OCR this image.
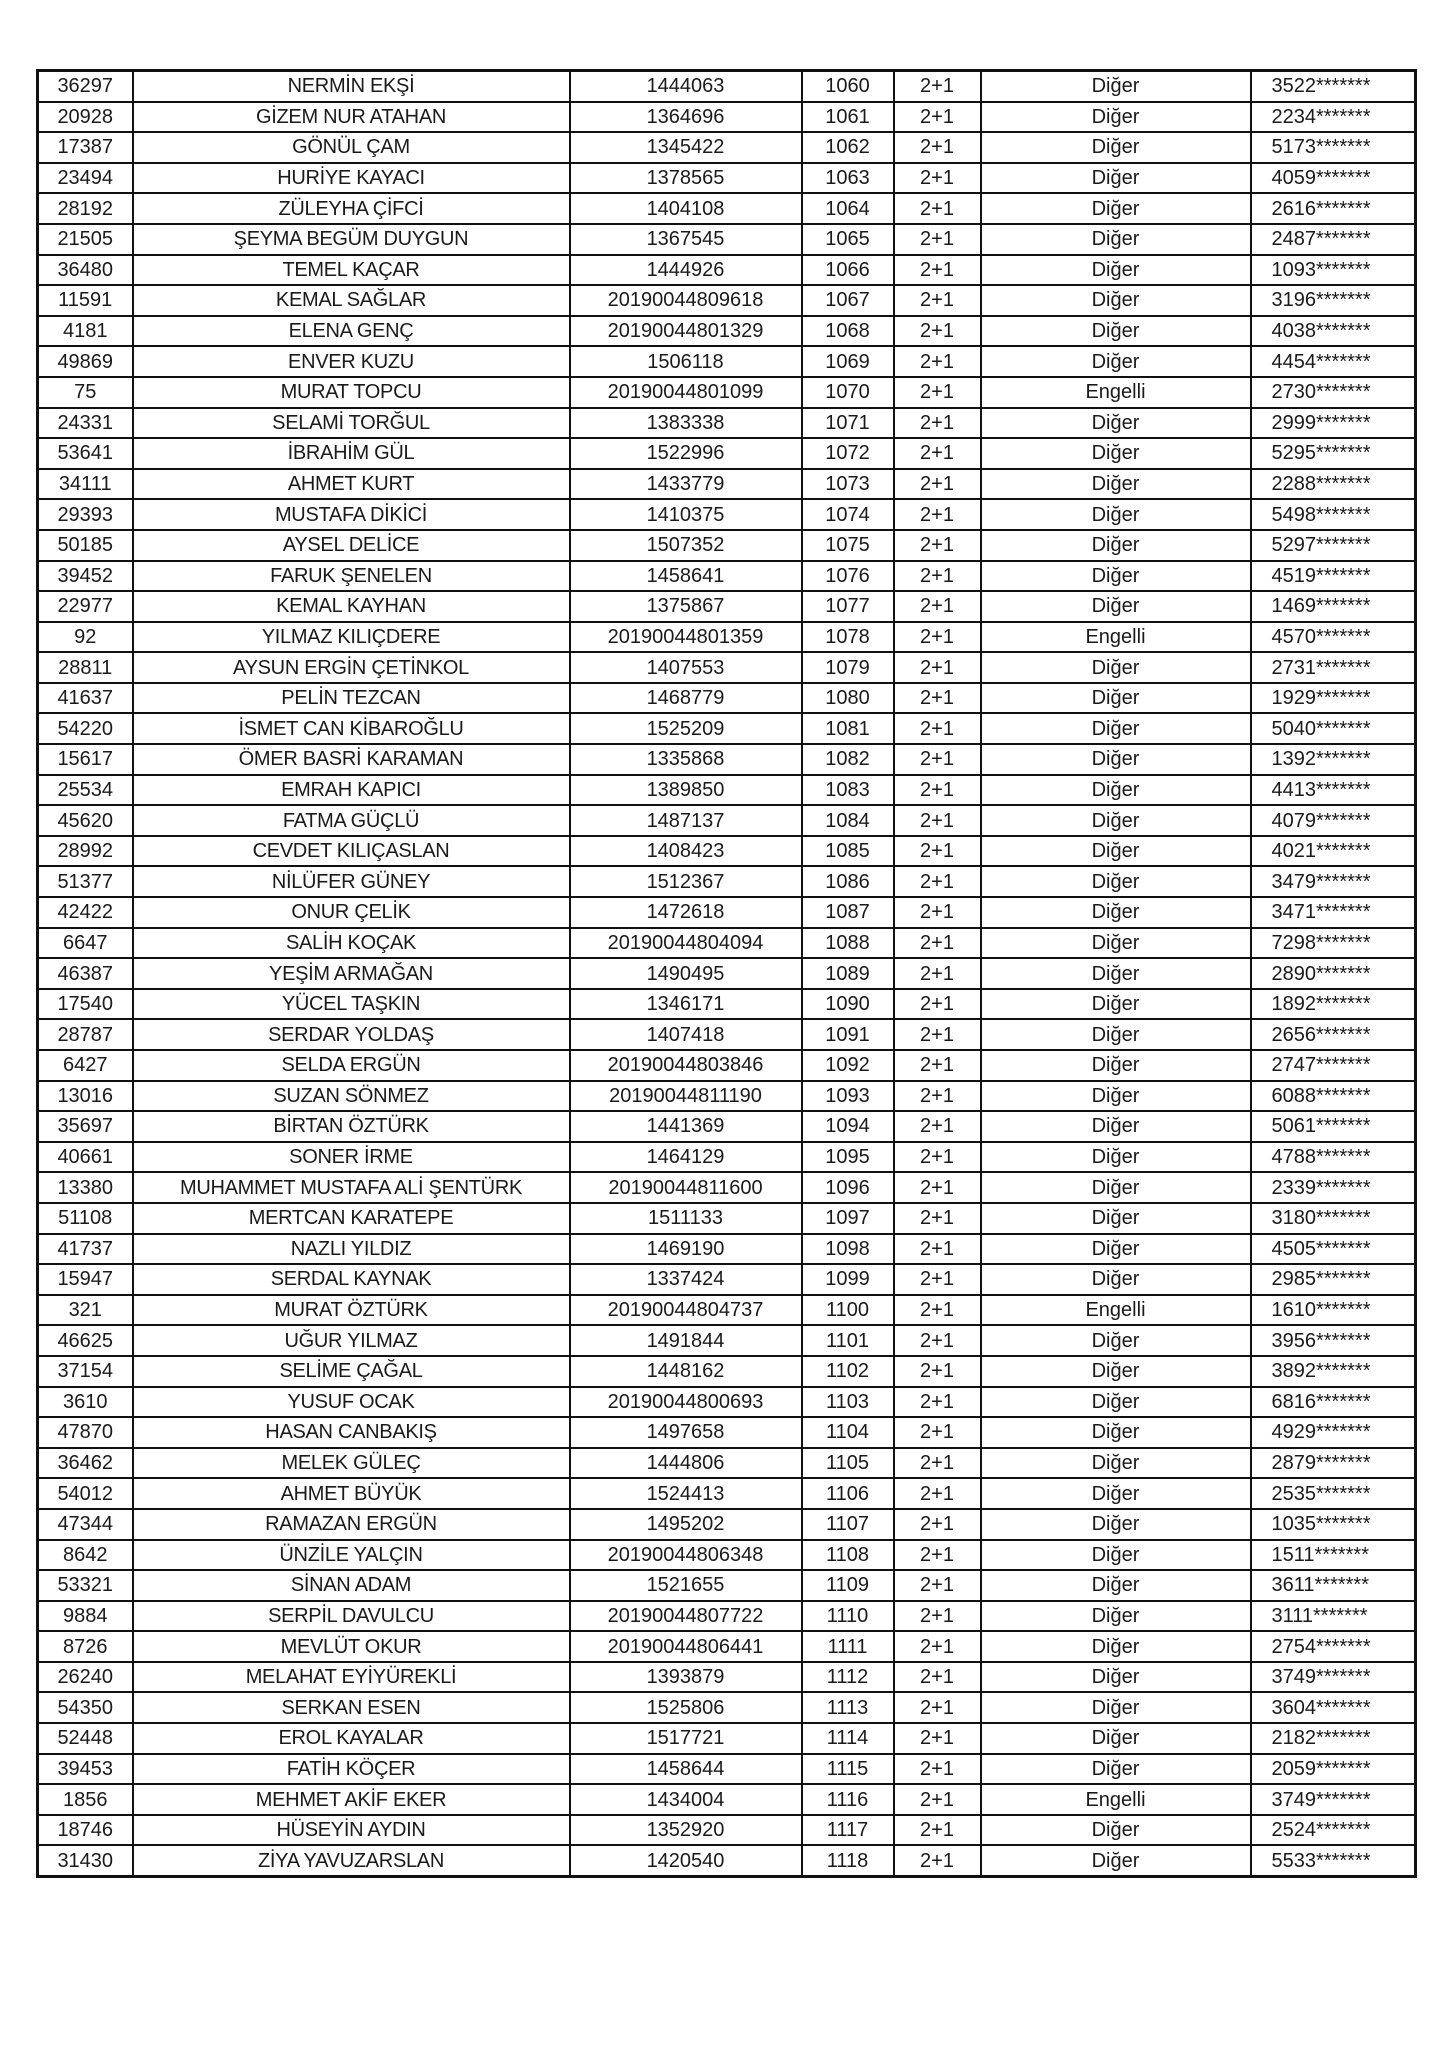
36297	NERMİN EKŞİ	1444063	1060	2+1	Diğer	3522*******
20928	GİZEM NUR ATAHAN	1364696	1061	2+1	Diğer	2234*******
17387	GÖNÜL ÇAM	1345422	1062	2+1	Diğer	5173*******
23494	HURİYE KAYACI	1378565	1063	2+1	Diğer	4059*******
28192	ZÜLEYHA ÇİFCİ	1404108	1064	2+1	Diğer	2616*******
21505	ŞEYMA BEGÜM DUYGUN	1367545	1065	2+1	Diğer	2487*******
36480	TEMEL KAÇAR	1444926	1066	2+1	Diğer	1093*******
11591	KEMAL SAĞLAR	20190044809618	1067	2+1	Diğer	3196*******
4181	ELENA GENÇ	20190044801329	1068	2+1	Diğer	4038*******
49869	ENVER KUZU	1506118	1069	2+1	Diğer	4454*******
75	MURAT TOPCU	20190044801099	1070	2+1	Engelli	2730*******
24331	SELAMİ TORĞUL	1383338	1071	2+1	Diğer	2999*******
53641	İBRAHİM GÜL	1522996	1072	2+1	Diğer	5295*******
34111	AHMET KURT	1433779	1073	2+1	Diğer	2288*******
29393	MUSTAFA DİKİCİ	1410375	1074	2+1	Diğer	5498*******
50185	AYSEL DELİCE	1507352	1075	2+1	Diğer	5297*******
39452	FARUK ŞENELEN	1458641	1076	2+1	Diğer	4519*******
22977	KEMAL KAYHAN	1375867	1077	2+1	Diğer	1469*******
92	YILMAZ KILIÇDERE	20190044801359	1078	2+1	Engelli	4570*******
28811	AYSUN ERGİN ÇETİNKOL	1407553	1079	2+1	Diğer	2731*******
41637	PELİN TEZCAN	1468779	1080	2+1	Diğer	1929*******
54220	İSMET CAN KİBAROĞLU	1525209	1081	2+1	Diğer	5040*******
15617	ÖMER BASRİ KARAMAN	1335868	1082	2+1	Diğer	1392*******
25534	EMRAH KAPICI	1389850	1083	2+1	Diğer	4413*******
45620	FATMA GÜÇLÜ	1487137	1084	2+1	Diğer	4079*******
28992	CEVDET KILIÇASLAN	1408423	1085	2+1	Diğer	4021*******
51377	NİLÜFER GÜNEY	1512367	1086	2+1	Diğer	3479*******
42422	ONUR ÇELİK	1472618	1087	2+1	Diğer	3471*******
6647	SALİH KOÇAK	20190044804094	1088	2+1	Diğer	7298*******
46387	YEŞİM ARMAĞAN	1490495	1089	2+1	Diğer	2890*******
17540	YÜCEL TAŞKIN	1346171	1090	2+1	Diğer	1892*******
28787	SERDAR YOLDAŞ	1407418	1091	2+1	Diğer	2656*******
6427	SELDA ERGÜN	20190044803846	1092	2+1	Diğer	2747*******
13016	SUZAN SÖNMEZ	20190044811190	1093	2+1	Diğer	6088*******
35697	BİRTAN ÖZTÜRK	1441369	1094	2+1	Diğer	5061*******
40661	SONER İRME	1464129	1095	2+1	Diğer	4788*******
13380	MUHAMMET MUSTAFA ALİ ŞENTÜRK	20190044811600	1096	2+1	Diğer	2339*******
51108	MERTCAN KARATEPE	1511133	1097	2+1	Diğer	3180*******
41737	NAZLI YILDIZ	1469190	1098	2+1	Diğer	4505*******
15947	SERDAL KAYNAK	1337424	1099	2+1	Diğer	2985*******
321	MURAT ÖZTÜRK	20190044804737	1100	2+1	Engelli	1610*******
46625	UĞUR YILMAZ	1491844	1101	2+1	Diğer	3956*******
37154	SELİME ÇAĞAL	1448162	1102	2+1	Diğer	3892*******
3610	YUSUF OCAK	20190044800693	1103	2+1	Diğer	6816*******
47870	HASAN CANBAKIŞ	1497658	1104	2+1	Diğer	4929*******
36462	MELEK GÜLEÇ	1444806	1105	2+1	Diğer	2879*******
54012	AHMET BÜYÜK	1524413	1106	2+1	Diğer	2535*******
47344	RAMAZAN ERGÜN	1495202	1107	2+1	Diğer	1035*******
8642	ÜNZİLE YALÇIN	20190044806348	1108	2+1	Diğer	1511*******
53321	SİNAN ADAM	1521655	1109	2+1	Diğer	3611*******
9884	SERPİL DAVULCU	20190044807722	1110	2+1	Diğer	3111*******
8726	MEVLÜT OKUR	20190044806441	1111	2+1	Diğer	2754*******
26240	MELAHAT EYİYÜREKLİ	1393879	1112	2+1	Diğer	3749*******
54350	SERKAN ESEN	1525806	1113	2+1	Diğer	3604*******
52448	EROL KAYALAR	1517721	1114	2+1	Diğer	2182*******
39453	FATİH KÖÇER	1458644	1115	2+1	Diğer	2059*******
1856	MEHMET AKİF EKER	1434004	1116	2+1	Engelli	3749*******
18746	HÜSEYİN AYDIN	1352920	1117	2+1	Diğer	2524*******
31430	ZİYA YAVUZARSLAN	1420540	1118	2+1	Diğer	5533*******
